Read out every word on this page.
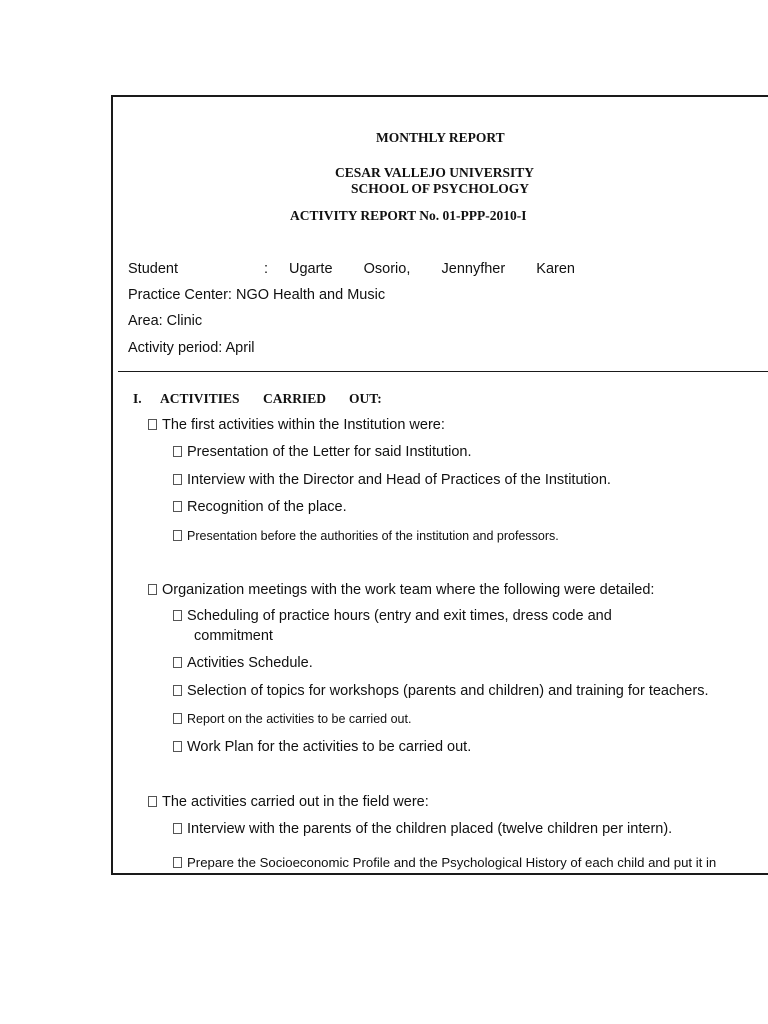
MONTHLY REPORT
CESAR VALLEJO UNIVERSITY
SCHOOL OF PSYCHOLOGY
ACTIVITY REPORT No. 01-PPP-2010-I
Student	: Ugarte Osorio, Jennyfher Karen
Practice Center: NGO Health and Music
Area: Clinic
Activity period: April
I. ACTIVITIES CARRIED OUT:
The first activities within the Institution were:
Presentation of the Letter for said Institution.
Interview with the Director and Head of Practices of the Institution.
Recognition of the place.
Presentation before the authorities of the institution and professors.
Organization meetings with the work team where the following were detailed:
Scheduling of practice hours (entry and exit times, dress code and
commitment
Activities Schedule.
Selection of topics for workshops (parents and children) and training for teachers.
Report on the activities to be carried out.
Work Plan for the activities to be carried out.
The activities carried out in the field were:
Interview with the parents of the children placed (twelve children per intern).
Prepare the Socioeconomic Profile and the Psychological History of each child and put it in
